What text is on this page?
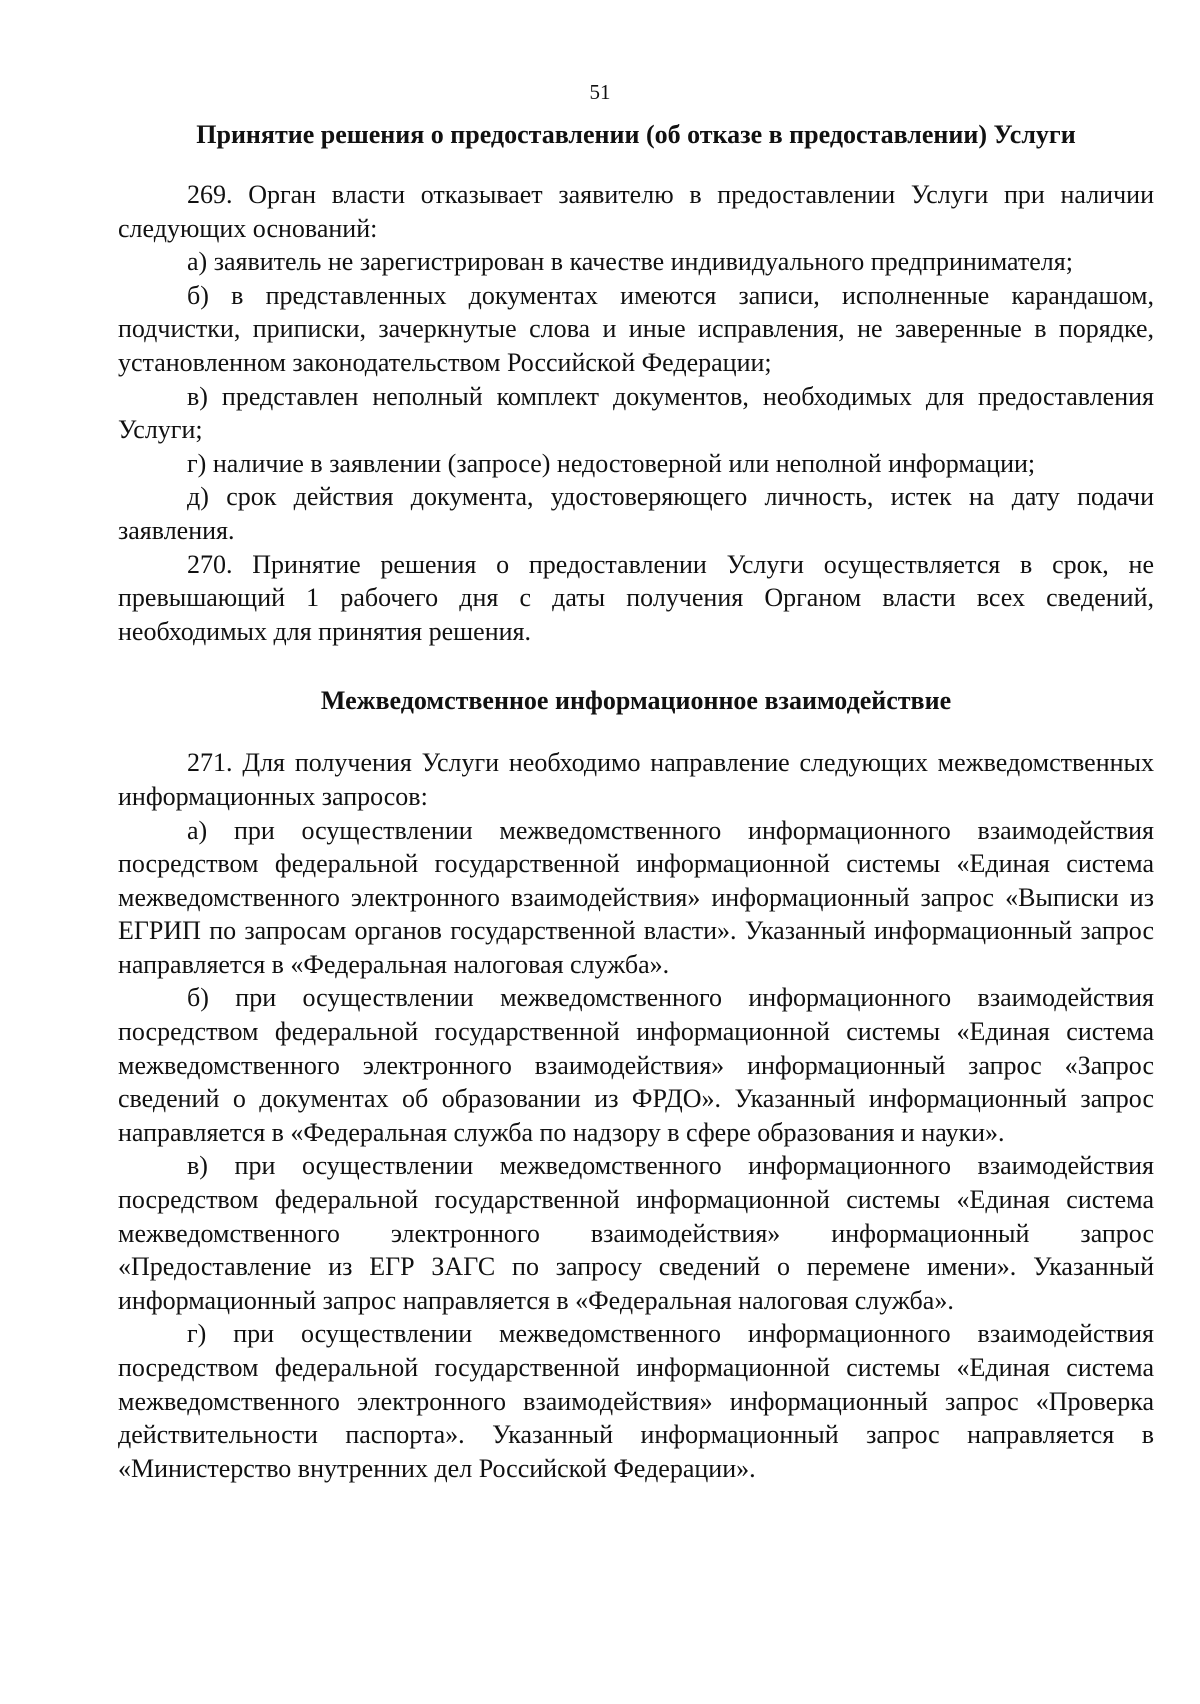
51
Принятие решения о предоставлении (об отказе в предоставлении) Услуги

269. Орган власти отказывает заявителю в предоставлении Услуги при наличии следующих оснований:

а) заявитель не зарегистрирован в качестве индивидуального предпринимателя;

б) в представленных документах имеются записи, исполненные карандашом, подчистки, приписки, зачеркнутые слова и иные исправления, не заверенные в порядке, установленном законодательством Российской Федерации;

в) представлен неполный комплект документов, необходимых для предоставления Услуги;

г) наличие в заявлении (запросе) недостоверной или неполной информации;

д) срок действия документа, удостоверяющего личность, истек на дату подачи заявления.

270. Принятие решения о предоставлении Услуги осуществляется в срок, не превышающий 1 рабочего дня с даты получения Органом власти всех сведений, необходимых для принятия решения.

Межведомственное информационное взаимодействие

271. Для получения Услуги необходимо направление следующих межведомственных информационных запросов:

а) при осуществлении межведомственного информационного взаимодействия посредством федеральной государственной информационной системы «Единая система межведомственного электронного взаимодействия» информационный запрос «Выписки из ЕГРИП по запросам органов государственной власти». Указанный информационный запрос направляется в «Федеральная налоговая служба».

б) при осуществлении межведомственного информационного взаимодействия посредством федеральной государственной информационной системы «Единая система межведомственного электронного взаимодействия» информационный запрос «Запрос сведений о документах об образовании из ФРДО». Указанный информационный запрос направляется в «Федеральная служба по надзору в сфере образования и науки».

в) при осуществлении межведомственного информационного взаимодействия посредством федеральной государственной информационной системы «Единая система межведомственного электронного взаимодействия» информационный запрос «Предоставление из ЕГР ЗАГС по запросу сведений о перемене имени». Указанный информационный запрос направляется в «Федеральная налоговая служба».

г) при осуществлении межведомственного информационного взаимодействия посредством федеральной государственной информационной системы «Единая система межведомственного электронного взаимодействия» информационный запрос «Проверка действительности паспорта». Указанный информационный запрос направляется в «Министерство внутренних дел Российской Федерации».
